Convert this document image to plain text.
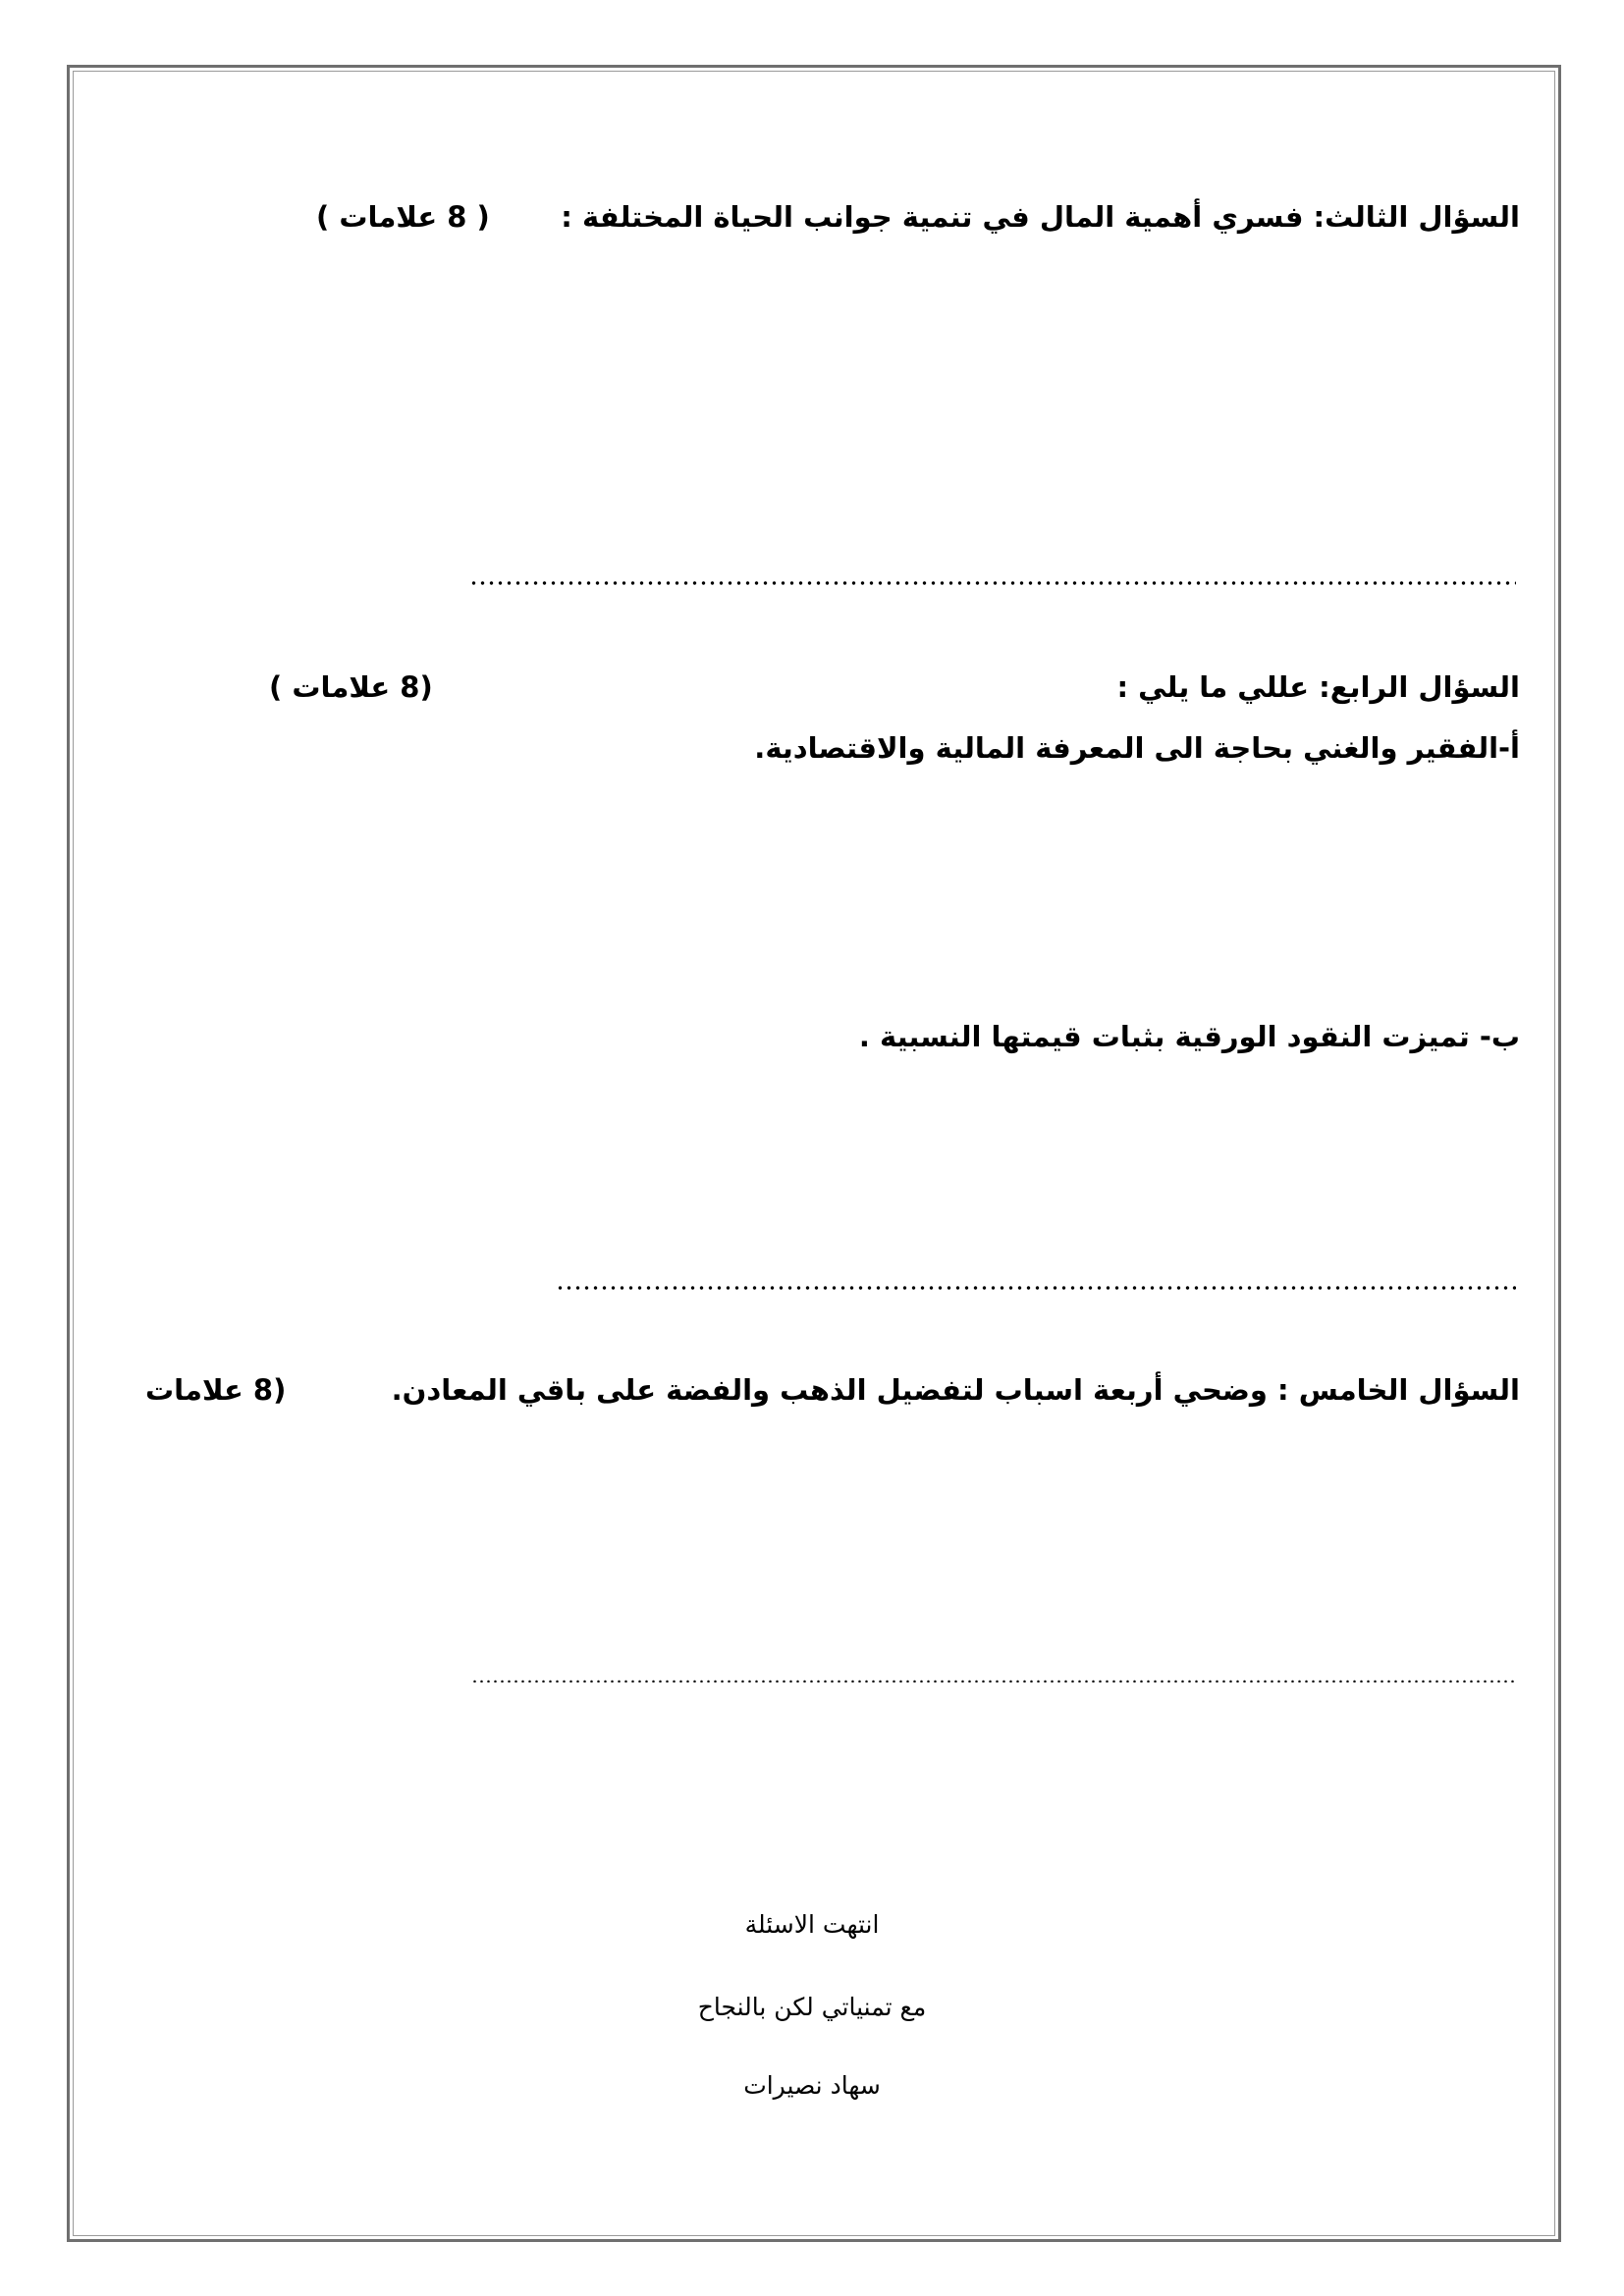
السؤال الثالث: فسري أهمية المال في تنمية جوانب الحياة المختلفة :
( 8 علامات )
السؤال الرابع: عللي ما يلي :
(8 علامات )
أ-الفقير والغني بحاجة الى المعرفة المالية والاقتصادية.
ب- تميزت النقود الورقية بثبات قيمتها النسبية .
السؤال الخامس : وضحي أربعة اسباب لتفضيل الذهب والفضة على باقي المعادن.
(8 علامات
انتهت الاسئلة
مع تمنياتي لكن بالنجاح
سهاد نصيرات
